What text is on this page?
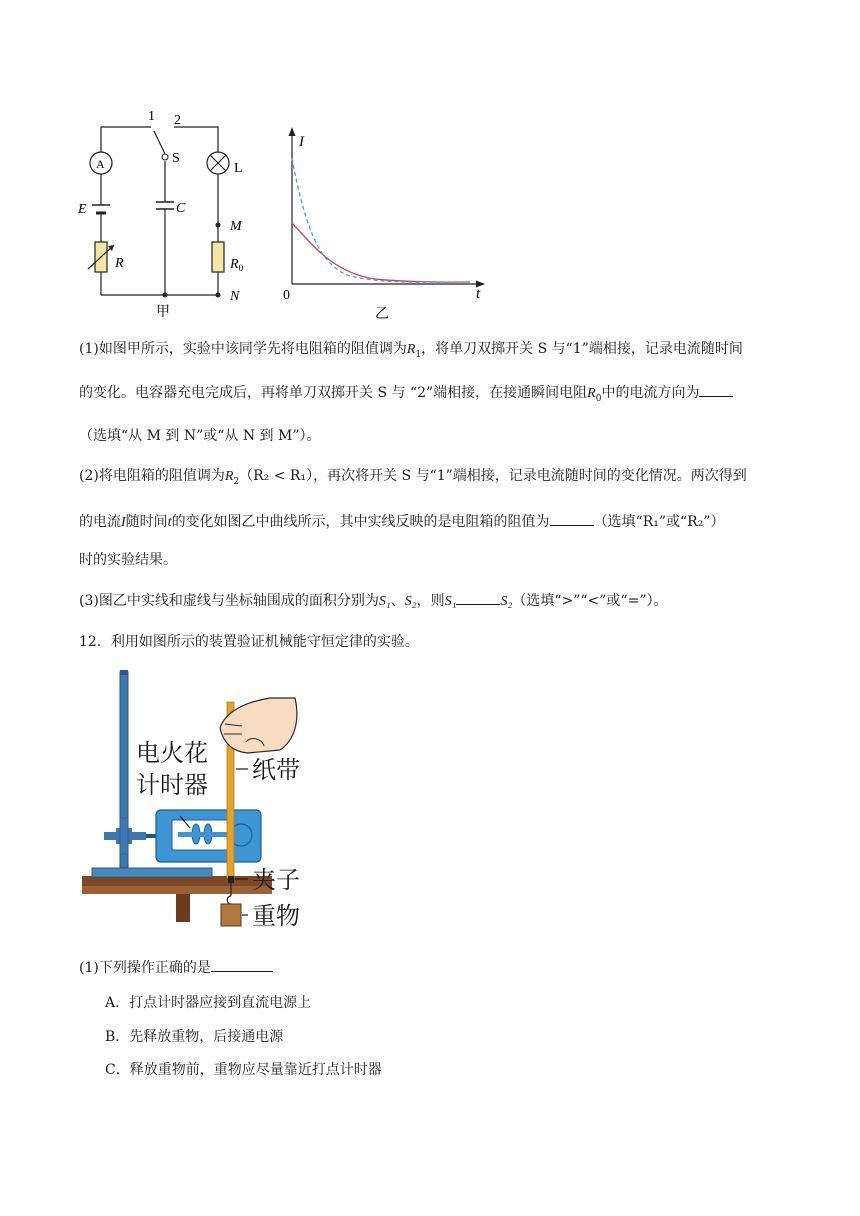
1 2
A	S
L
E	C
M
R	$R_0$
N
甲
I
t
0
乙
(1)如图甲所示，实验中该同学先将电阻箱的阻值调为$R_1$，将单刀双掷开关 S 与“1”端相接，记录电流随时间
的变化。电容器充电完成后，再将单刀双掷开关 S 与 “2”端相接，在接通瞬间电阻$R_0$中的电流方向为
（选填“从 M 到 N”或“从 N 到 M”）。
(2)将电阻箱的阻值调为$R_2(R_2 < R_1)$，再次将开关 S 与“1”端相接，记录电流随时间的变化情况。两次得到
的电流I随时间t的变化如图乙中曲线所示，其中实线反映的是电阻箱的阻值为	（选填“R₁”或“R₂”）
时的实验结果。
(3)图乙中实线和虚线与坐标轴围成的面积分别为S₁、S₂，则S₁	S₂（选填“>”“<”或“=”）。
12．利用如图所示的装置验证机械能守恒定律的实验。
电火花
计时器
纸带
夹子
重物
(1)下列操作正确的是
A．打点计时器应接到直流电源上
B．先释放重物，后接通电源
C．释放重物前，重物应尽量靠近打点计时器
